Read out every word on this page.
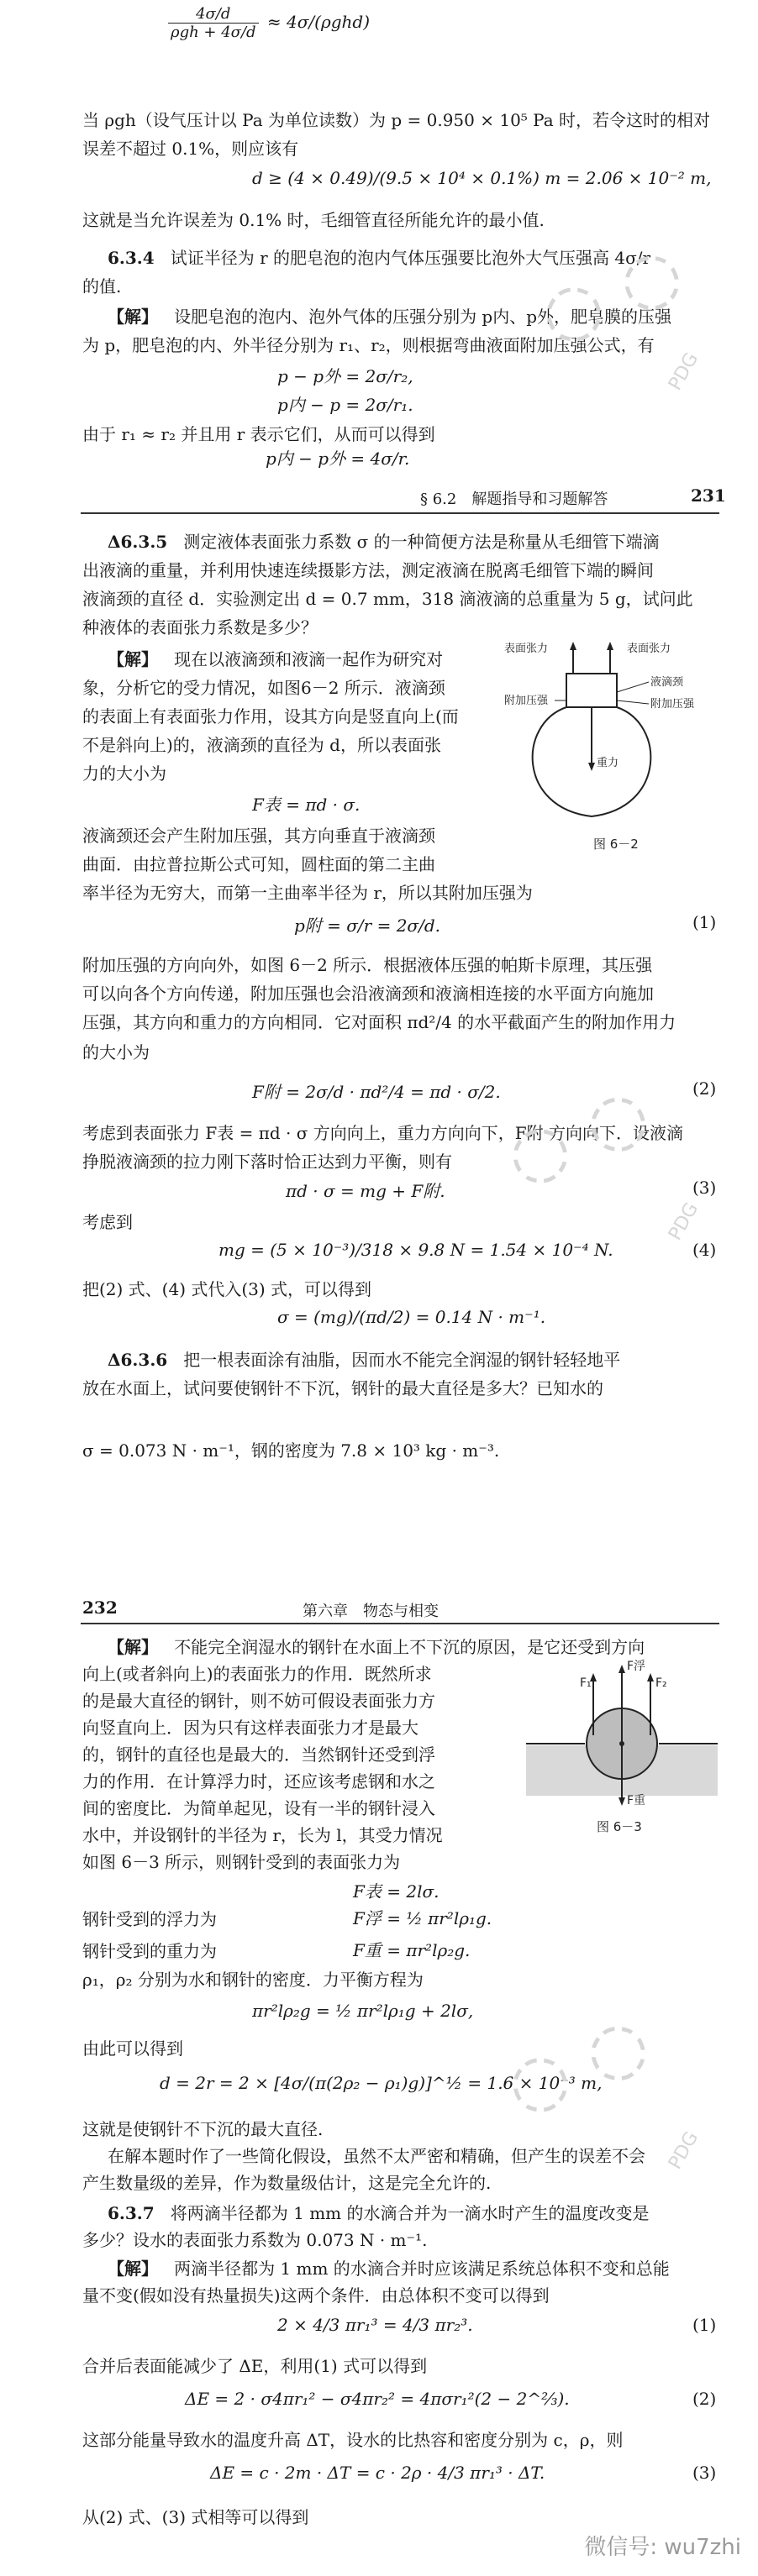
$\frac{4\sigma/d}{\text{ρgh + 4σ/d}} \approx 4\sigma/(\rho ghd)$
当 ρgh（设气压计以 Pa 为单位读数）为 p = 0.950 × 10⁵ Pa 时，若令这时的相对
误差不超过 0.1%，则应该有
d ≥ (4 × 0.49)/(9.5 × 10⁴ × 0.1%) m = 2.06 × 10⁻² m,
这就是当允许误差为 0.1% 时，毛细管直径所能允许的最小值.
6.3.4 试证半径为 r 的肥皂泡的泡内气体压强要比泡外大气压强高 4σ/r
的值.
【解】 设肥皂泡的泡内、泡外气体的压强分别为 p内、p外，肥皂膜的压强
为 p，肥皂泡的内、外半径分别为 r₁、r₂，则根据弯曲液面附加压强公式，有
p − p外 = 2σ/r₂,
p内 − p = 2σ/r₁.
由于 r₁ ≈ r₂ 并且用 r 表示它们，从而可以得到
p内 − p外 = 4σ/r.
◌ ◌
PDG
§ 6.2　解题指导和习题解答	231
Δ6.3.5 测定液体表面张力系数 σ 的一种简便方法是称量从毛细管下端滴
出液滴的重量，并利用快速连续摄影方法，测定液滴在脱离毛细管下端的瞬间
液滴颈的直径 d．实验测定出 d = 0.7 mm，318 滴液滴的总重量为 5 g，试问此
种液体的表面张力系数是多少？
【解】 现在以液滴颈和液滴一起作为研究对
象，分析它的受力情况，如图6－2 所示．液滴颈
的表面上有表面张力作用，设其方向是竖直向上(而
不是斜向上)的，液滴颈的直径为 d，所以表面张
力的大小为
F表 = πd · σ.
液滴颈还会产生附加压强，其方向垂直于液滴颈
曲面．由拉普拉斯公式可知，圆柱面的第二主曲
率半径为无穷大，而第一主曲率半径为 r，所以其附加压强为
表面张力	表面张力
液滴颈
附加压强	附加压强
重力
图 6－2
p附 = σ/r = 2σ/d.	(1)
附加压强的方向向外，如图 6－2 所示．根据液体压强的帕斯卡原理，其压强
可以向各个方向传递，附加压强也会沿液滴颈和液滴相连接的水平面方向施加
压强，其方向和重力的方向相同．它对面积 πd²/4 的水平截面产生的附加作用力
的大小为
F附 = 2σ/d · πd²/4 = πd · σ/2.	(2)
考虑到表面张力 F表 = πd · σ 方向向上，重力方向向下，F附 方向向下．设液滴
挣脱液滴颈的拉力刚下落时恰正达到力平衡，则有
πd · σ = mg + F附.	(3)
考虑到
mg = (5 × 10⁻³)/318 × 9.8 N = 1.54 × 10⁻⁴ N.	(4)
把(2) 式、(4) 式代入(3) 式，可以得到
σ = (mg)/(πd/2) = 0.14 N · m⁻¹.
Δ6.3.6 把一根表面涂有油脂，因而水不能完全润湿的钢针轻轻地平
放在水面上，试问要使钢针不下沉，钢针的最大直径是多大？已知水的
◌ ◌
PDG
σ = 0.073 N · m⁻¹，钢的密度为 7.8 × 10³ kg · m⁻³.
232	第六章　物态与相变
【解】 不能完全润湿水的钢针在水面上不下沉的原因，是它还受到方向
向上(或者斜向上)的表面张力的作用．既然所求
的是最大直径的钢针，则不妨可假设表面张力方
向竖直向上．因为只有这样表面张力才是最大
的，钢针的直径也是最大的．当然钢针还受到浮
力的作用．在计算浮力时，还应该考虑钢和水之
间的密度比．为简单起见，设有一半的钢针浸入
水中，并设钢针的半径为 r，长为 l，其受力情况
如图 6－3 所示，则钢针受到的表面张力为
F表 = 2lσ.
钢针受到的浮力为	F浮 = ½ πr²lρ₁g.
钢针受到的重力为	F重 = πr²lρ₂g.
ρ₁，ρ₂ 分别为水和钢针的密度．力平衡方程为
πr²lρ₂g = ½ πr²lρ₁g + 2lσ,
由此可以得到
d = 2r = 2 × [4σ/(π(2ρ₂ − ρ₁)g)]^½ = 1.6 × 10⁻³ m,
这就是使钢针不下沉的最大直径.
在解本题时作了一些简化假设，虽然不太严密和精确，但产生的误差不会
产生数量级的差异，作为数量级估计，这是完全允许的.
F₁
F浮
F₂
F重
图 6－3
6.3.7 将两滴半径都为 1 mm 的水滴合并为一滴水时产生的温度改变是
多少？设水的表面张力系数为 0.073 N · m⁻¹.
【解】 两滴半径都为 1 mm 的水滴合并时应该满足系统总体积不变和总能
量不变(假如没有热量损失)这两个条件．由总体积不变可以得到
2 × 4/3 πr₁³ = 4/3 πr₂³.	(1)
合并后表面能减少了 ΔE，利用(1) 式可以得到
ΔE = 2 · σ4πr₁² − σ4πr₂² = 4πσr₁²(2 − 2^⅔).	(2)
这部分能量导致水的温度升高 ΔT，设水的比热容和密度分别为 c，ρ，则
ΔE = c · 2m · ΔT = c · 2ρ · 4/3 πr₁³ · ΔT.	(3)
从(2) 式、(3) 式相等可以得到
◌ ◌
PDG
微信号: wu7zhi
